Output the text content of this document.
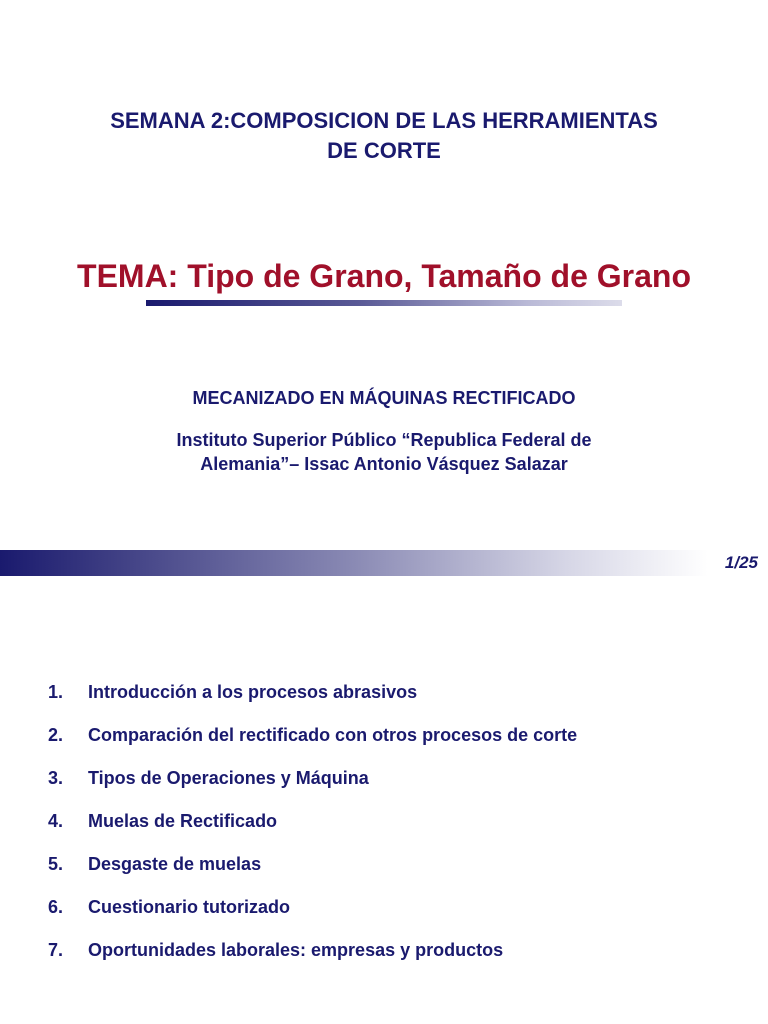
SEMANA 2:COMPOSICION DE LAS HERRAMIENTAS
DE CORTE
TEMA: Tipo de Grano, Tamaño de Grano
MECANIZADO EN MÁQUINAS RECTIFICADO
Instituto Superior Público “Republica Federal de
Alemania”– Issac Antonio Vásquez Salazar
1/25
1.	Introducción a los procesos abrasivos
2.	Comparación del rectificado con otros procesos de corte
3.	Tipos de Operaciones y Máquina
4.	Muelas de Rectificado
5.	Desgaste de muelas
6.	Cuestionario tutorizado
7.	Oportunidades laborales: empresas y productos
